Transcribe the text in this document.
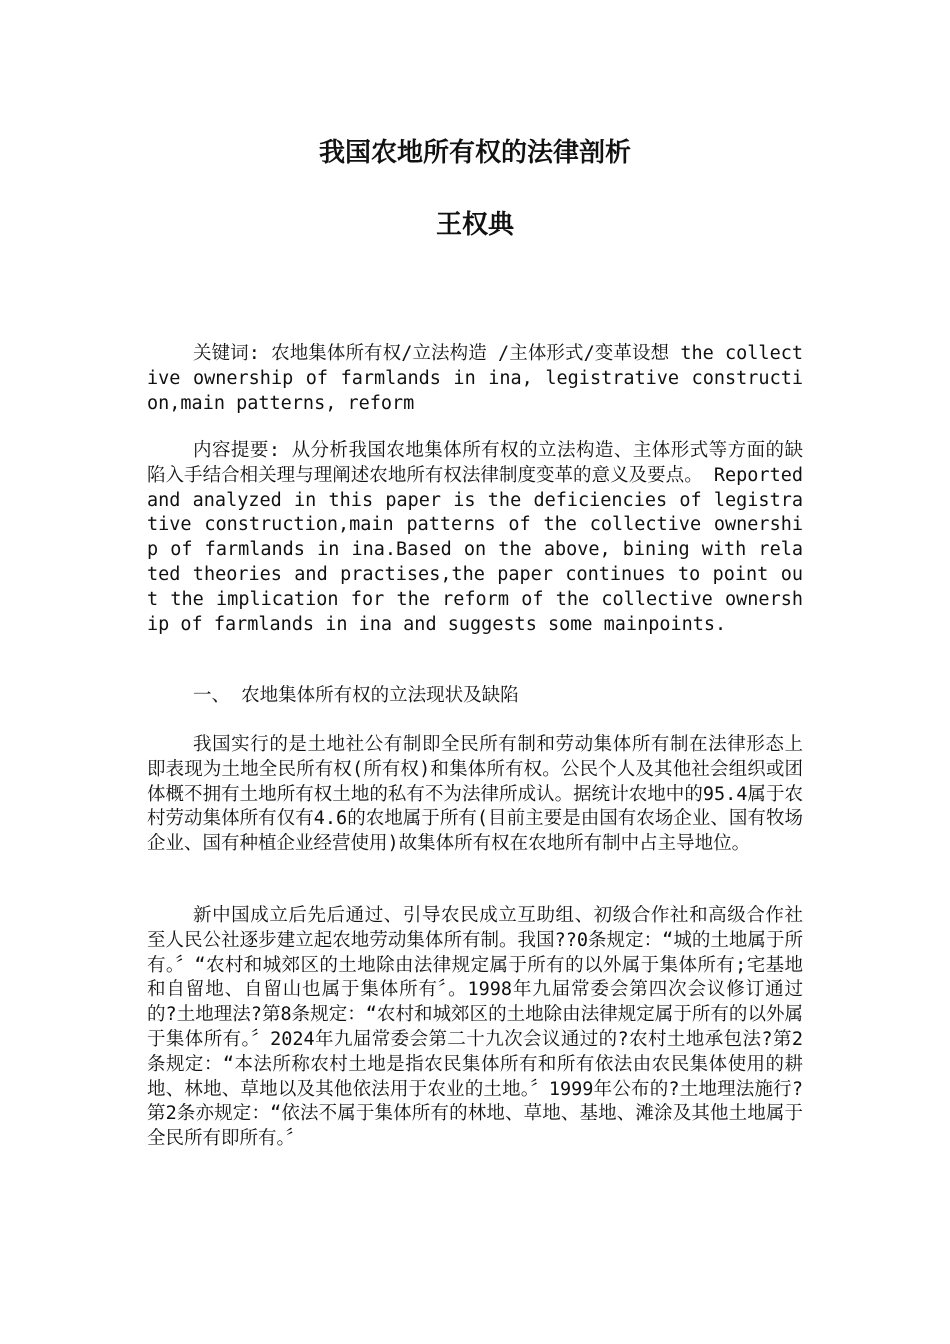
我国农地所有权的法律剖析
王权典

关键词: 农地集体所有权/立法构造 /主体形式/变革设想 the collective ownership of farmlands in ina, legistrative construction,main patterns, reform

内容提要: 从分析我国农地集体所有权的立法构造、主体形式等方面的缺陷入手结合相关理与理阐述农地所有权法律制度变革的意义及要点。 Reported and analyzed in this paper is the deficiencies of legistrative construction,main patterns of the collective ownership of farmlands in ina.Based on the above, bining with related theories and practises,the paper continues to point out the implication for the reform of the collective ownership of farmlands in ina and suggests some mainpoints.

一、 农地集体所有权的立法现状及缺陷

我国实行的是土地社公有制即全民所有制和劳动集体所有制在法律形态上即表现为土地全民所有权(所有权)和集体所有权。公民个人及其他社会组织或团体概不拥有土地所有权土地的私有不为法律所成认。据统计农地中的95.4属于农村劳动集体所有仅有4.6的农地属于所有(目前主要是由国有农场企业、国有牧场企业、国有种植企业经营使用)故集体所有权在农地所有制中占主导地位。

新中国成立后先后通过、引导农民成立互助组、初级合作社和高级合作社至人民公社逐步建立起农地劳动集体所有制。我国??0条规定：“城的土地属于所有。〞“农村和城郊区的土地除由法律规定属于所有的以外属于集体所有;宅基地和自留地、自留山也属于集体所有〞。1998年九届常委会第四次会议修订通过的?土地理法?第8条规定：“农村和城郊区的土地除由法律规定属于所有的以外属于集体所有。〞2024年九届常委会第二十九次会议通过的?农村土地承包法?第2条规定：“本法所称农村土地是指农民集体所有和所有依法由农民集体使用的耕地、林地、草地以及其他依法用于农业的土地。〞1999年公布的?土地理法施行?第2条亦规定：“依法不属于集体所有的林地、草地、基地、滩涂及其他土地属于全民所有即所有。〞
